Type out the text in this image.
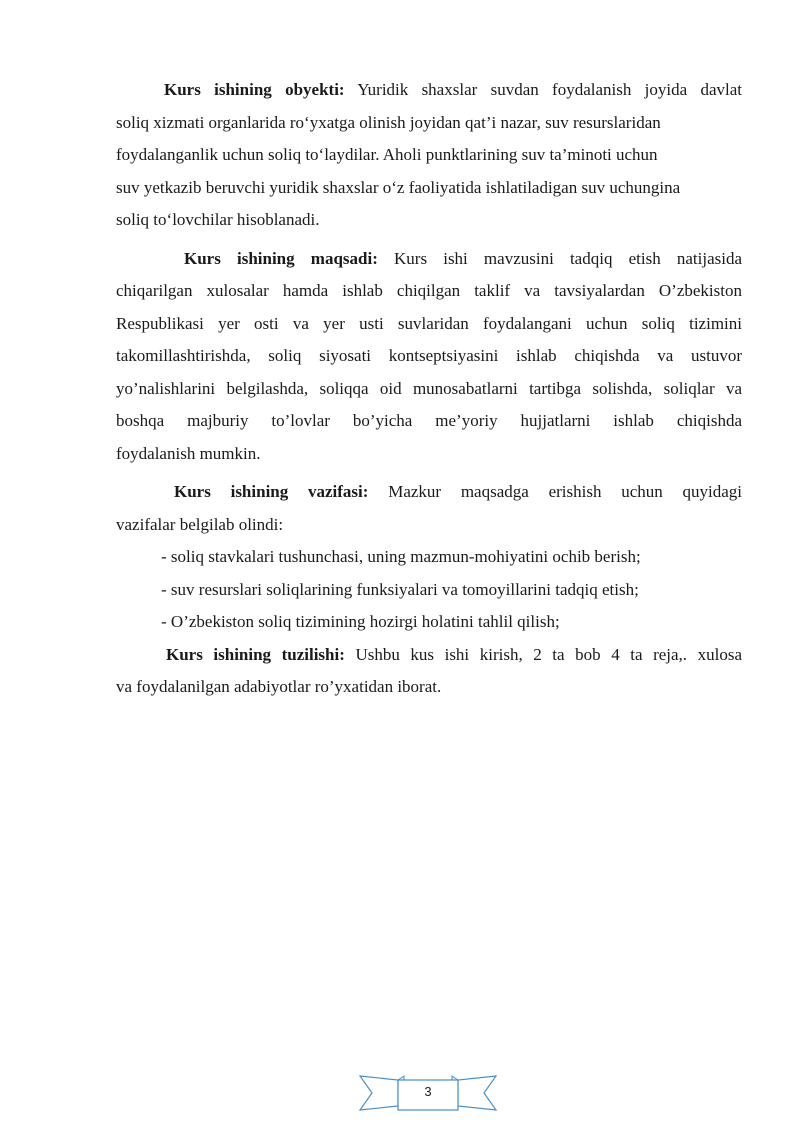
Kurs ishining obyekti: Yuridik shaxslar suvdan foydalanish joyida davlat
soliq xizmati organlarida ro‘yxatga olinish joyidan qat’i nazar, suv resurslaridan
foydalanganlik uchun soliq to‘laydilar. Aholi punktlarining suv ta’minoti uchun
suv yetkazib beruvchi yuridik shaxslar o‘z faoliyatida ishlatiladigan suv uchungina
soliq to‘lovchilar hisoblanadi.
Kurs ishining maqsadi: Kurs ishi mavzusini tadqiq etish natijasida
chiqarilgan xulosalar hamda ishlab chiqilgan taklif va tavsiyalardan O’zbekiston
Respublikasi yer osti va yer usti suvlaridan foydalangani uchun soliq tizimini
takomillashtirishda, soliq siyosati kontseptsiyasini ishlab chiqishda va ustuvor
yo’nalishlarini belgilashda, soliqqa oid munosabatlarni tartibga solishda, soliqlar va
boshqa majburiy to’lovlar bo’yicha me’yoriy hujjatlarni ishlab chiqishda
foydalanish mumkin.
Kurs ishining vazifasi: Mazkur maqsadga erishish uchun quyidagi
vazifalar belgilab olindi:
- soliq stavkalari tushunchasi, uning mazmun-mohiyatini ochib berish;
- suv resurslari soliqlarining funksiyalari va tomoyillarini tadqiq etish;
- O’zbekiston soliq tizimining hozirgi holatini tahlil qilish;
Kurs ishining tuzilishi: Ushbu kus ishi kirish, 2 ta bob 4 ta reja,. xulosa
va foydalanilgan adabiyotlar ro’yxatidan iborat.
3
